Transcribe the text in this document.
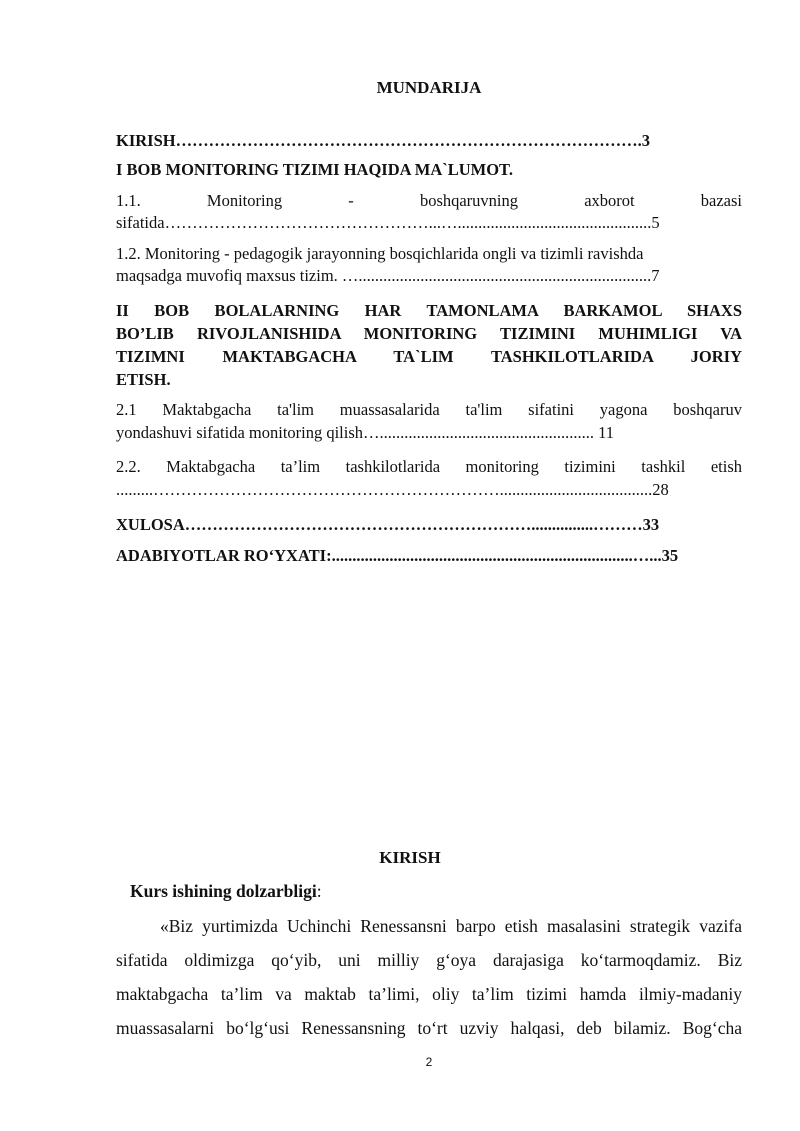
MUNDARIJA
KIRISH………………………………………………………………………….3
I BOB MONITORING TIZIMI HAQIDA MA`LUMOT.
1.1.	Monitoring	-	boshqaruvning	axborot	bazasi
sifatida…………………………………………...…...............................................5
1.2. Monitoring - pedagogik jarayonning bosqichlarida ongli va tizimli ravishda
maqsadga muvofiq maxsus tizim. ….......................................................................7
II BOB BOLALARNING HAR TAMONLAMA BARKAMOL SHAXS
BO’LIB RIVOJLANISHIDA MONITORING TIZIMINI MUHIMLIGI VA
TIZIMNI MAKTABGACHA TA`LIM TASHKILOTLARIDA JORIY
ETISH.
2.1 Maktabgacha ta'lim muassasalarida ta'lim sifatini yagona boshqaruv
yondashuvi sifatida monitoring qilish….................................................... 11
2.2. Maktabgacha ta’lim tashkilotlarida monitoring tizimini tashkil etish
.........……………………………………………………….....................................28
XULOSA………………………………………………………...............………33
ADABIYOTLAR RO‘YXATI:.........................................................................…...35
KIRISH
Kurs ishining dolzarbligi:
«Biz yurtimizda Uchinchi Renessansni barpo etish masalasini strategik vazifa
sifatida oldimizga qo‘yib, uni milliy g‘oya darajasiga ko‘tarmoqdamiz. Biz
maktabgacha ta’lim va maktab ta’limi, oliy ta’lim tizimi hamda ilmiy-madaniy
muassasalarni bo‘lg‘usi Renessansning to‘rt uzviy halqasi, deb bilamiz. Bog‘cha
2
